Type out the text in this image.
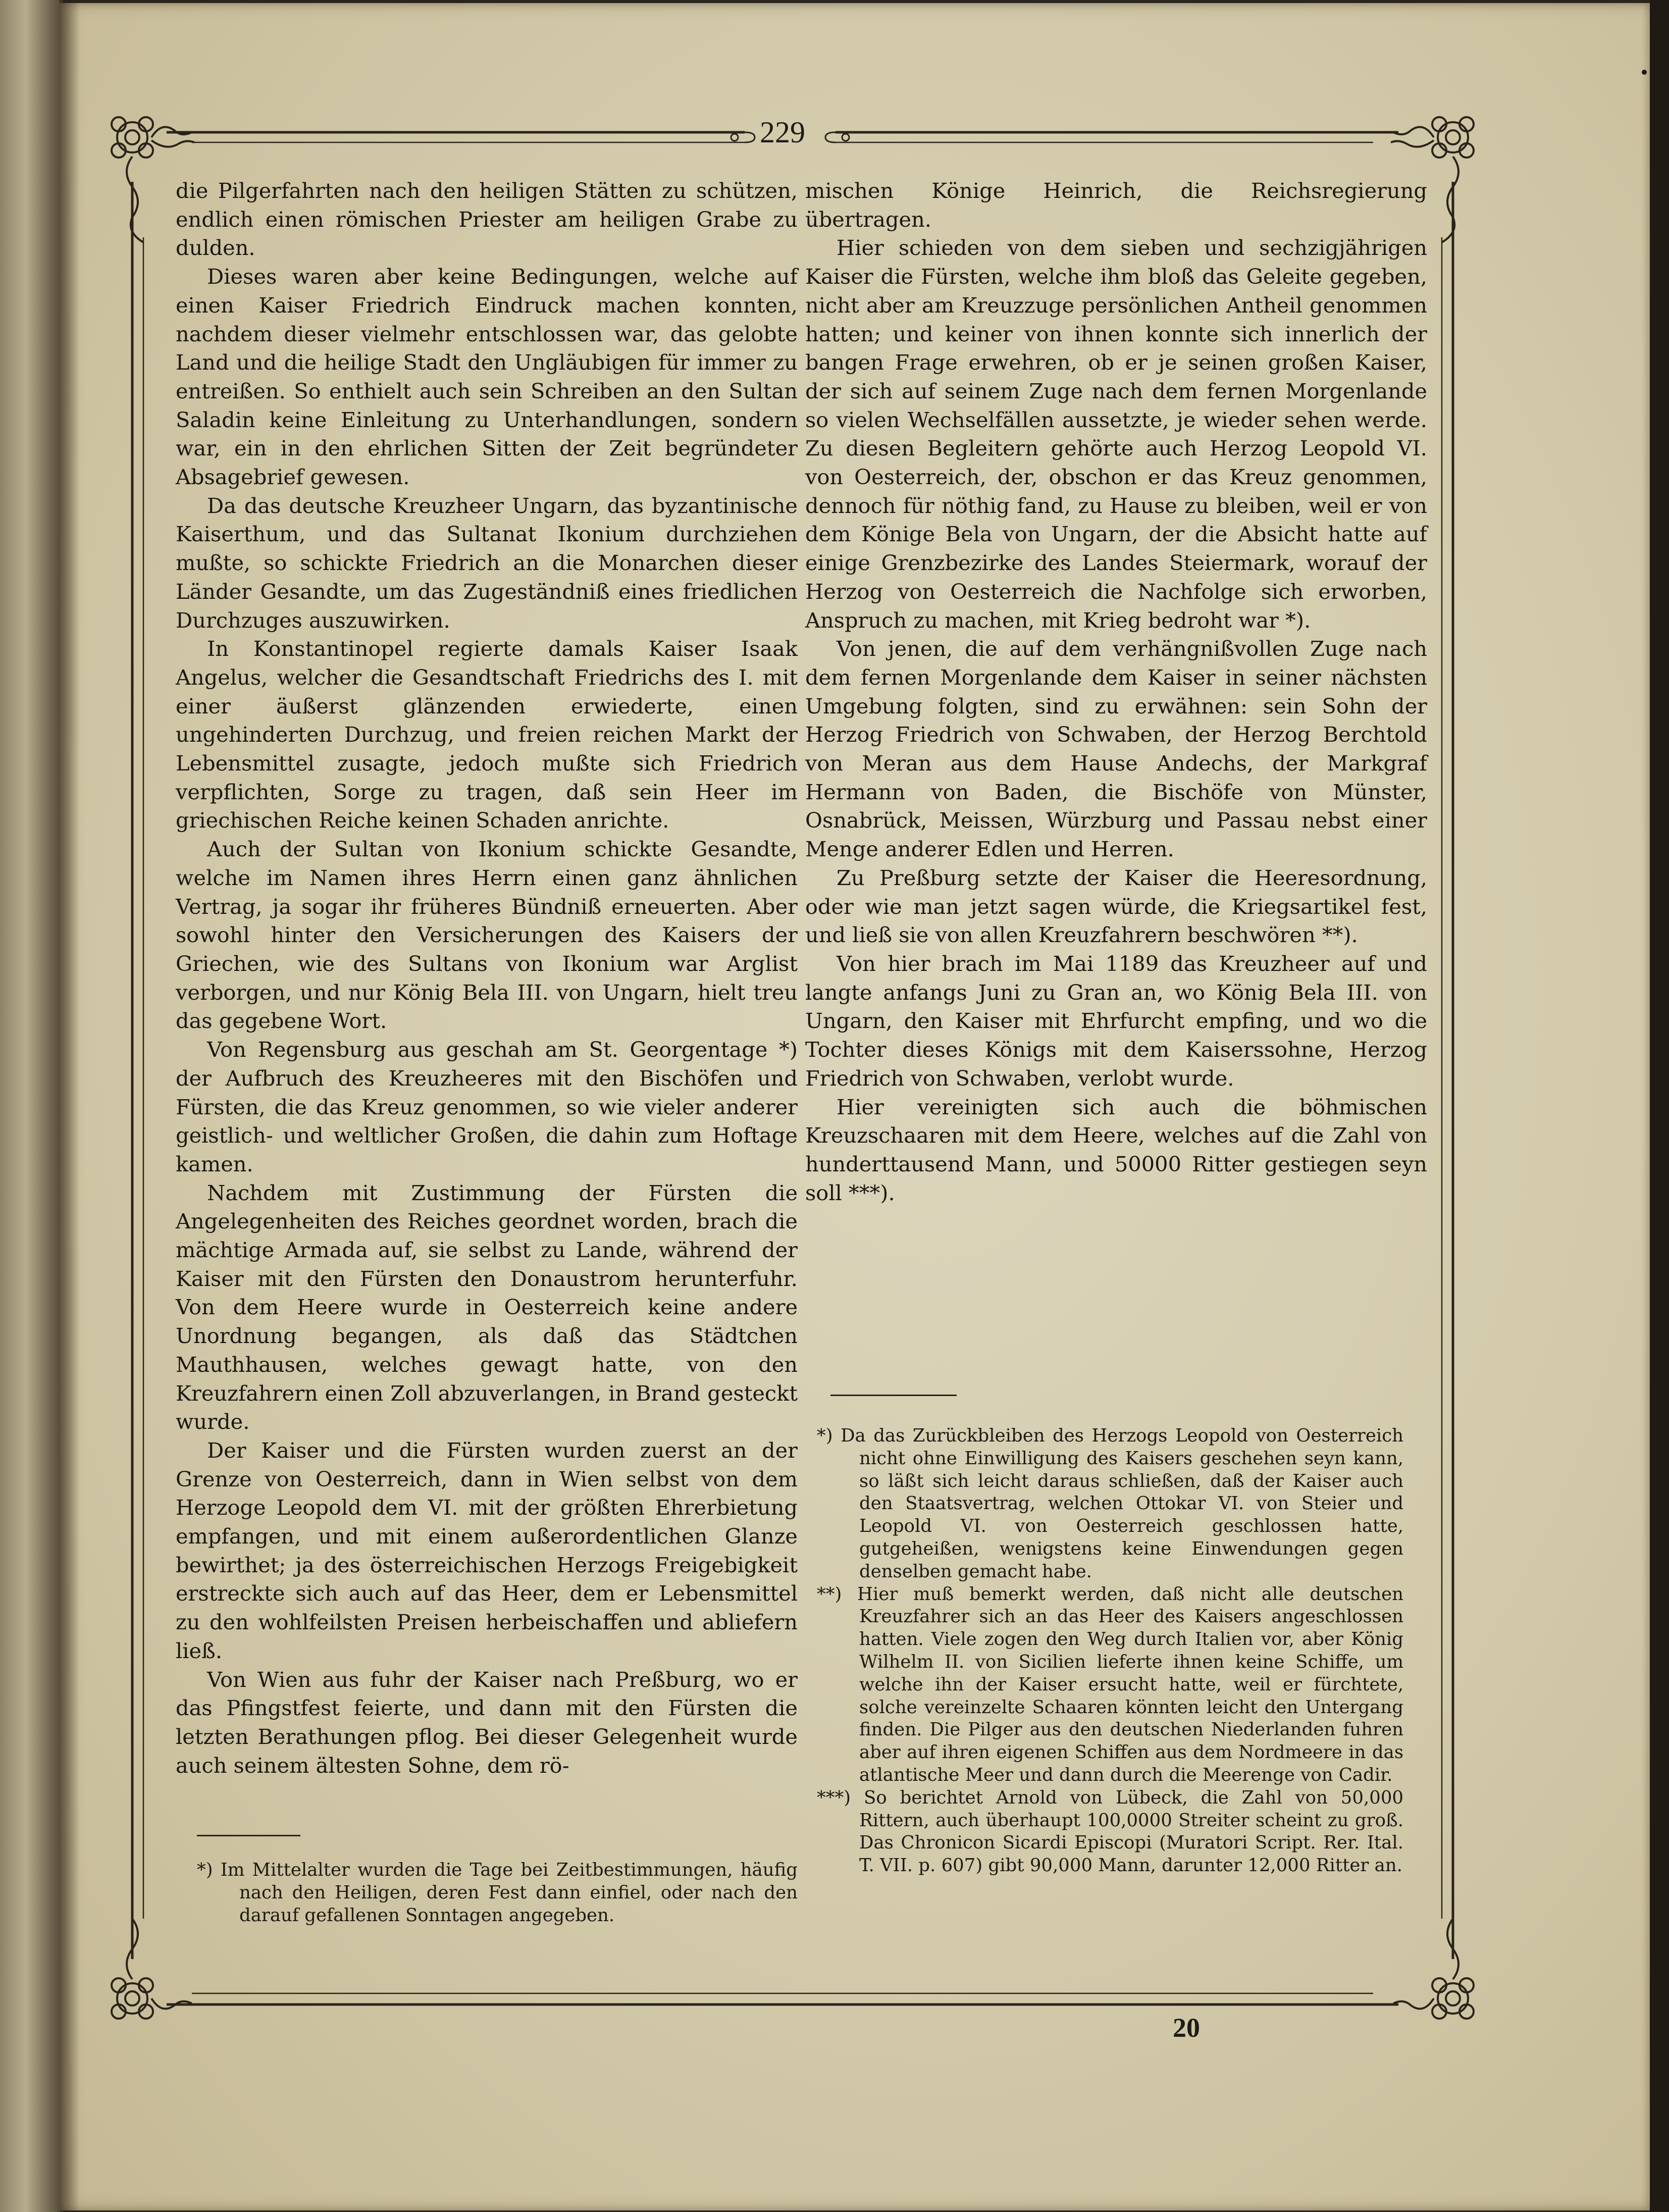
229

die Pilgerfahrten nach den heiligen Stätten zu schützen, endlich einen römischen Priester am heiligen Grabe zu dulden.

Dieses waren aber keine Bedingungen, welche auf einen Kaiser Friedrich Eindruck machen konnten, nachdem dieser vielmehr entschlossen war, das gelobte Land und die heilige Stadt den Ungläubigen für immer zu entreißen. So enthielt auch sein Schreiben an den Sultan Saladin keine Einleitung zu Unterhandlungen, sondern war, ein in den ehrlichen Sitten der Zeit begründeter Absagebrief gewesen.

Da das deutsche Kreuzheer Ungarn, das byzantinische Kaiserthum, und das Sultanat Ikonium durchziehen mußte, so schickte Friedrich an die Monarchen dieser Länder Gesandte, um das Zugeständniß eines friedlichen Durchzuges auszuwirken.

In Konstantinopel regierte damals Kaiser Isaak Angelus, welcher die Gesandtschaft Friedrichs des I. mit einer äußerst glänzenden erwiederte, einen ungehinderten Durchzug, und freien reichen Markt der Lebensmittel zusagte, jedoch mußte sich Friedrich verpflichten, Sorge zu tragen, daß sein Heer im griechischen Reiche keinen Schaden anrichte.

Auch der Sultan von Ikonium schickte Gesandte, welche im Namen ihres Herrn einen ganz ähnlichen Vertrag, ja sogar ihr früheres Bündniß erneuerten. Aber sowohl hinter den Versicherungen des Kaisers der Griechen, wie des Sultans von Ikonium war Arglist verborgen, und nur König Bela III. von Ungarn, hielt treu das gegebene Wort.

Von Regensburg aus geschah am St. Georgentage *) der Aufbruch des Kreuzheeres mit den Bischöfen und Fürsten, die das Kreuz genommen, so wie vieler anderer geistlich- und weltlicher Großen, die dahin zum Hoftage kamen.

Nachdem mit Zustimmung der Fürsten die Angelegenheiten des Reiches geordnet worden, brach die mächtige Armada auf, sie selbst zu Lande, während der Kaiser mit den Fürsten den Donaustrom herunterfuhr. Von dem Heere wurde in Oesterreich keine andere Unordnung begangen, als daß das Städtchen Mauthhausen, welches gewagt hatte, von den Kreuzfahrern einen Zoll abzuverlangen, in Brand gesteckt wurde.

Der Kaiser und die Fürsten wurden zuerst an der Grenze von Oesterreich, dann in Wien selbst von dem Herzoge Leopold dem VI. mit der größten Ehrerbietung empfangen, und mit einem außerordentlichen Glanze bewirthet; ja des österreichischen Herzogs Freigebigkeit erstreckte sich auch auf das Heer, dem er Lebensmittel zu den wohlfeilsten Preisen herbeischaffen und abliefern ließ.

Von Wien aus fuhr der Kaiser nach Preßburg, wo er das Pfingstfest feierte, und dann mit den Fürsten die letzten Berathungen pflog. Bei dieser Gelegenheit wurde auch seinem ältesten Sohne, dem rö-

*) Im Mittelalter wurden die Tage bei Zeitbestimmungen, häufig nach den Heiligen, deren Fest dann einfiel, oder nach den darauf gefallenen Sonntagen angegeben.

mischen Könige Heinrich, die Reichsregierung übertragen.

Hier schieden von dem sieben und sechzigjährigen Kaiser die Fürsten, welche ihm bloß das Geleite gegeben, nicht aber am Kreuzzuge persönlichen Antheil genommen hatten; und keiner von ihnen konnte sich innerlich der bangen Frage erwehren, ob er je seinen großen Kaiser, der sich auf seinem Zuge nach dem fernen Morgenlande so vielen Wechselfällen aussetzte, je wieder sehen werde. Zu diesen Begleitern gehörte auch Herzog Leopold VI. von Oesterreich, der, obschon er das Kreuz genommen, dennoch für nöthig fand, zu Hause zu bleiben, weil er von dem Könige Bela von Ungarn, der die Absicht hatte auf einige Grenzbezirke des Landes Steiermark, worauf der Herzog von Oesterreich die Nachfolge sich erworben, Anspruch zu machen, mit Krieg bedroht war *).

Von jenen, die auf dem verhängnißvollen Zuge nach dem fernen Morgenlande dem Kaiser in seiner nächsten Umgebung folgten, sind zu erwähnen: sein Sohn der Herzog Friedrich von Schwaben, der Herzog Berchtold von Meran aus dem Hause Andechs, der Markgraf Hermann von Baden, die Bischöfe von Münster, Osnabrück, Meissen, Würzburg und Passau nebst einer Menge anderer Edlen und Herren.

Zu Preßburg setzte der Kaiser die Heeresordnung, oder wie man jetzt sagen würde, die Kriegsartikel fest, und ließ sie von allen Kreuzfahrern beschwören **).

Von hier brach im Mai 1189 das Kreuzheer auf und langte anfangs Juni zu Gran an, wo König Bela III. von Ungarn, den Kaiser mit Ehrfurcht empfing, und wo die Tochter dieses Königs mit dem Kaiserssohne, Herzog Friedrich von Schwaben, verlobt wurde.

Hier vereinigten sich auch die böhmischen Kreuzschaaren mit dem Heere, welches auf die Zahl von hunderttausend Mann, und 50000 Ritter gestiegen seyn soll ***).

*) Da das Zurückbleiben des Herzogs Leopold von Oesterreich nicht ohne Einwilligung des Kaisers geschehen seyn kann, so läßt sich leicht daraus schließen, daß der Kaiser auch den Staatsvertrag, welchen Ottokar VI. von Steier und Leopold VI. von Oesterreich geschlossen hatte, gutgeheißen, wenigstens keine Einwendungen gegen denselben gemacht habe.

**) Hier muß bemerkt werden, daß nicht alle deutschen Kreuzfahrer sich an das Heer des Kaisers angeschlossen hatten. Viele zogen den Weg durch Italien vor, aber König Wilhelm II. von Sicilien lieferte ihnen keine Schiffe, um welche ihn der Kaiser ersucht hatte, weil er fürchtete, solche vereinzelte Schaaren könnten leicht den Untergang finden. Die Pilger aus den deutschen Niederlanden fuhren aber auf ihren eigenen Schiffen aus dem Nordmeere in das atlantische Meer und dann durch die Meerenge von Cadir.

***) So berichtet Arnold von Lübeck, die Zahl von 50,000 Rittern, auch überhaupt 100,0000 Streiter scheint zu groß. Das Chronicon Sicardi Episcopi (Muratori Script. Rer. Ital. T. VII. p. 607) gibt 90,000 Mann, darunter 12,000 Ritter an.

20
